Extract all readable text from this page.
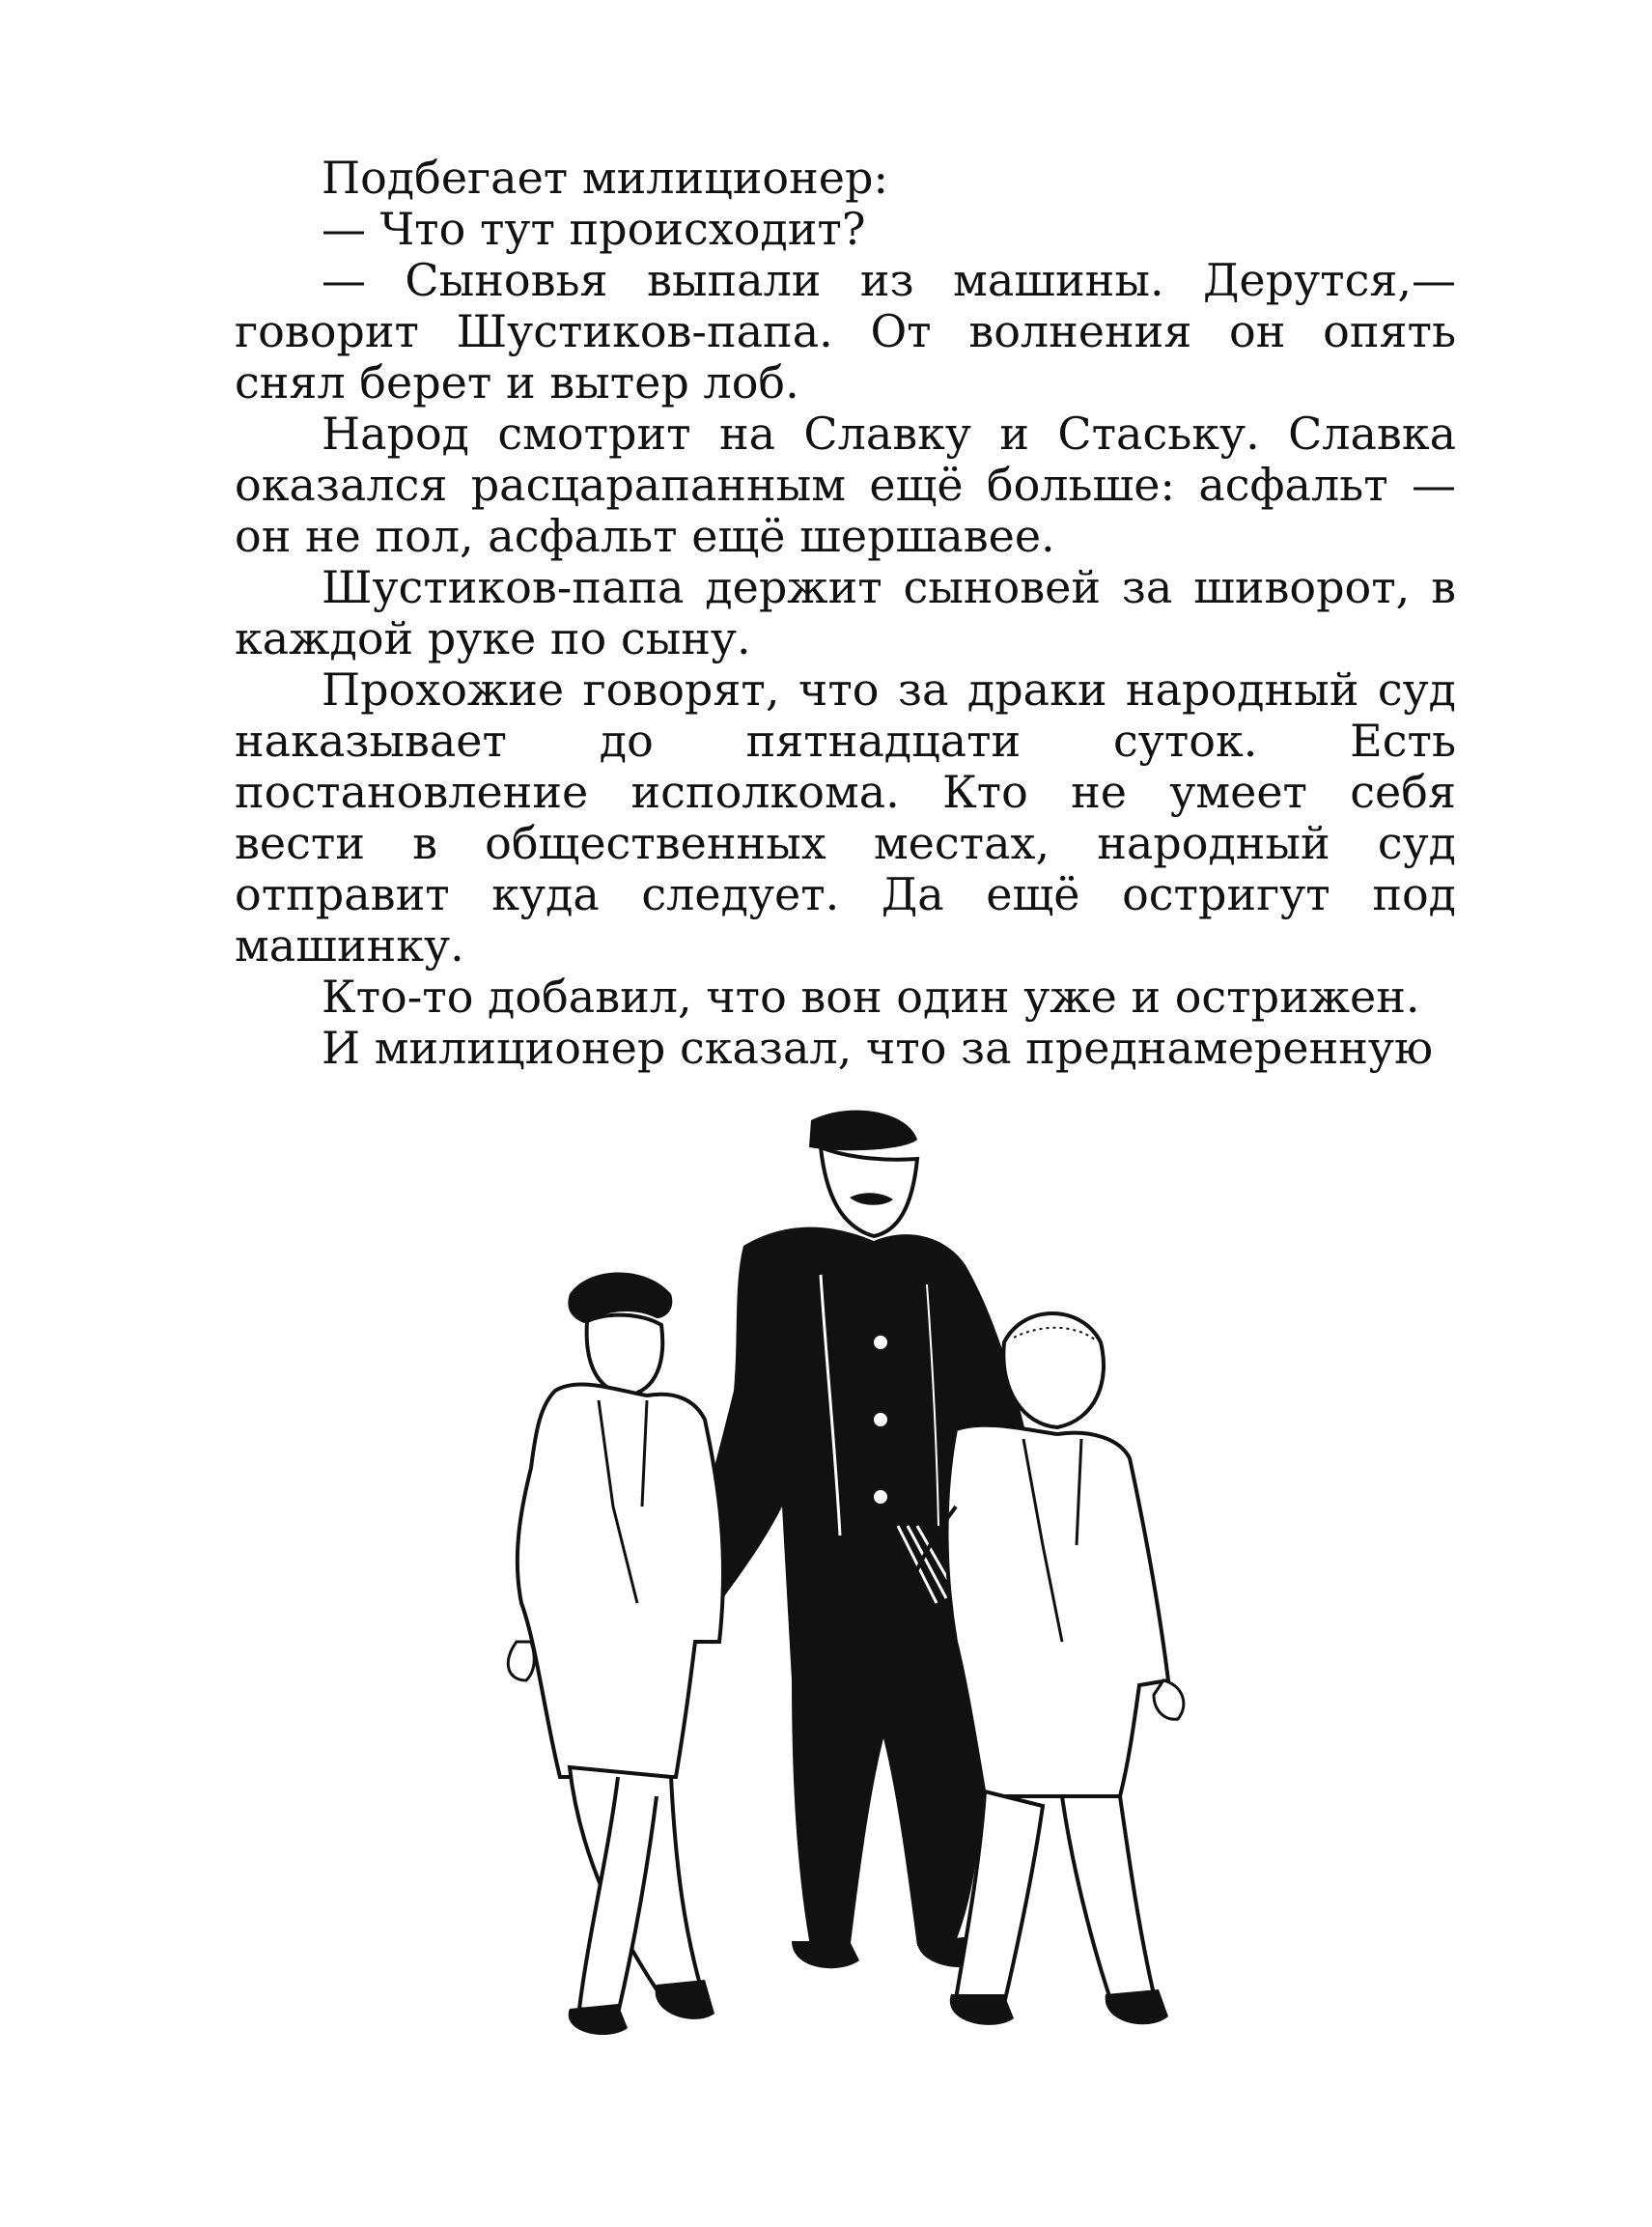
Подбегает милиционер:

— Что тут происходит?

— Сыновья выпали из машины. Дерутся,— говорит Шустиков-папа. От волнения он опять снял берет и вытер лоб.

Народ смотрит на Славку и Стаську. Славка оказался расцарапанным ещё больше: асфальт — он не пол, асфальт ещё шершавее.

Шустиков-папа держит сыновей за шиворот, в каждой руке по сыну.

Прохожие говорят, что за драки народный суд наказывает до пятнадцати суток. Есть постановление исполкома. Кто не умеет себя вести в общественных местах, народный суд отправит куда следует. Да ещё остригут под машинку.

Кто-то добавил, что вон один уже и острижен.

И милиционер сказал, что за преднамеренную
